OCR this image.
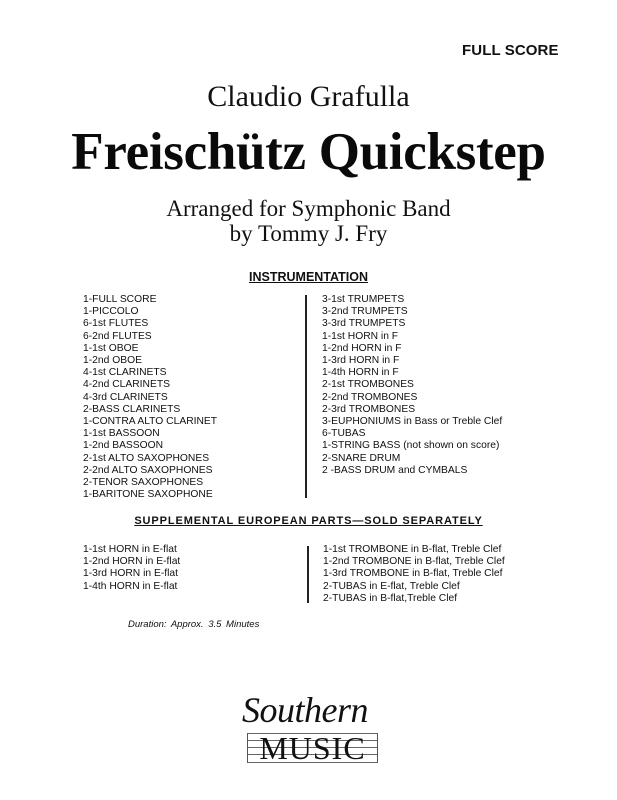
FULL SCORE
Claudio Grafulla
Freischütz Quickstep
Arranged for Symphonic Band
by Tommy J. Fry
INSTRUMENTATION
1-FULL SCORE
1-PICCOLO
6-1st FLUTES
6-2nd FLUTES
1-1st OBOE
1-2nd OBOE
4-1st CLARINETS
4-2nd CLARINETS
4-3rd CLARINETS
2-BASS CLARINETS
1-CONTRA ALTO CLARINET
1-1st BASSOON
1-2nd BASSOON
2-1st ALTO SAXOPHONES
2-2nd ALTO SAXOPHONES
2-TENOR SAXOPHONES
1-BARITONE SAXOPHONE
3-1st TRUMPETS
3-2nd TRUMPETS
3-3rd TRUMPETS
1-1st HORN in F
1-2nd HORN in F
1-3rd HORN in F
1-4th HORN in F
2-1st TROMBONES
2-2nd TROMBONES
2-3rd TROMBONES
3-EUPHONIUMS in Bass or Treble Clef
6-TUBAS
1-STRING BASS (not shown on score)
2-SNARE DRUM
2 -BASS DRUM and CYMBALS
SUPPLEMENTAL EUROPEAN PARTS—SOLD SEPARATELY
1-1st HORN in E-flat
1-2nd HORN in E-flat
1-3rd HORN in E-flat
1-4th HORN in E-flat
1-1st TROMBONE in B-flat, Treble Clef
1-2nd TROMBONE in B-flat, Treble Clef
1-3rd TROMBONE in B-flat, Treble Clef
2-TUBAS in E-flat, Treble Clef
2-TUBAS in B-flat,Treble Clef
Duration: Approx. 3.5 Minutes
Southern
MUSIC
